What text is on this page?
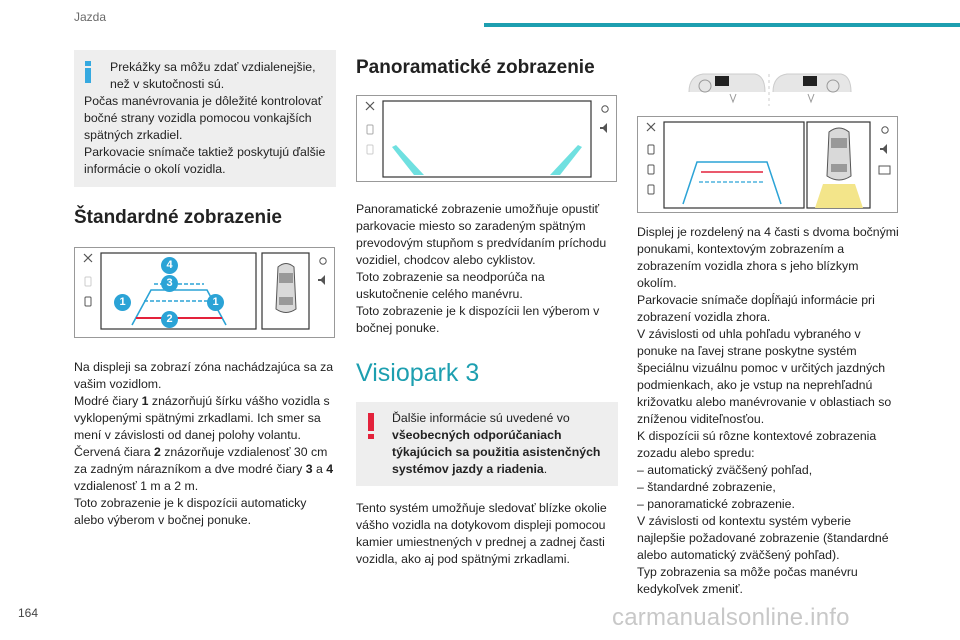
Jazda
Prekážky sa môžu zdať vzdialenejšie, než v skutočnosti sú.
Počas manévrovania je dôležité kontrolovať bočné strany vozidla pomocou vonkajších spätných zrkadiel.
Parkovacie snímače taktiež poskytujú ďalšie informácie o okolí vozidla.
Štandardné zobrazenie
4
3
1	1
2

Na displeji sa zobrazí zóna nachádzajúca sa za vašim vozidlom.

Modré čiary 1 znázorňujú šírku vášho vozidla s vyklopenými spätnými zrkadlami. Ich smer sa mení v závislosti od danej polohy volantu.

Červená čiara 2 znázorňuje vzdialenosť 30 cm za zadným nárazníkom a dve modré čiary 3 a 4 vzdialenosť 1 m a 2 m.

Toto zobrazenie je k dispozícii automaticky alebo výberom v bočnej ponuke.

Panoramatické zobrazenie

Panoramatické zobrazenie umožňuje opustiť parkovacie miesto so zaradeným spätným prevodovým stupňom s predvídaním príchodu vozidiel, chodcov alebo cyklistov.

Toto zobrazenie sa neodporúča na uskutočnenie celého manévru.

Toto zobrazenie je k dispozícii len výberom v bočnej ponuke.

Visiopark 3
Ďalšie informácie sú uvedené vo všeobecných odporúčaniach týkajúcich sa použitia asistenčných systémov jazdy a riadenia.

Tento systém umožňuje sledovať blízke okolie vášho vozidla na dotykovom displeji pomocou kamier umiestnených v prednej a zadnej časti vozidla, ako aj pod spätnými zrkadlami.

Displej je rozdelený na 4 časti s dvoma bočnými ponukami, kontextovým zobrazením a zobrazením vozidla zhora s jeho blízkym okolím.

Parkovacie snímače dopĺňajú informácie pri zobrazení vozidla zhora.

V závislosti od uhla pohľadu vybraného v ponuke na ľavej strane poskytne systém špeciálnu vizuálnu pomoc v určitých jazdných podmienkach, ako je vstup na neprehľadnú križovatku alebo manévrovanie v oblastiach so zníženou viditeľnosťou.

K dispozícii sú rôzne kontextové zobrazenia zozadu alebo spredu:

– automatický zväčšený pohľad,

– štandardné zobrazenie,

– panoramatické zobrazenie.

V závislosti od kontextu systém vyberie najlepšie požadované zobrazenie (štandardné alebo automatický zväčšený pohľad).

Typ zobrazenia sa môže počas manévru kedykoľvek zmeniť.

164	carmanualsonline.info
